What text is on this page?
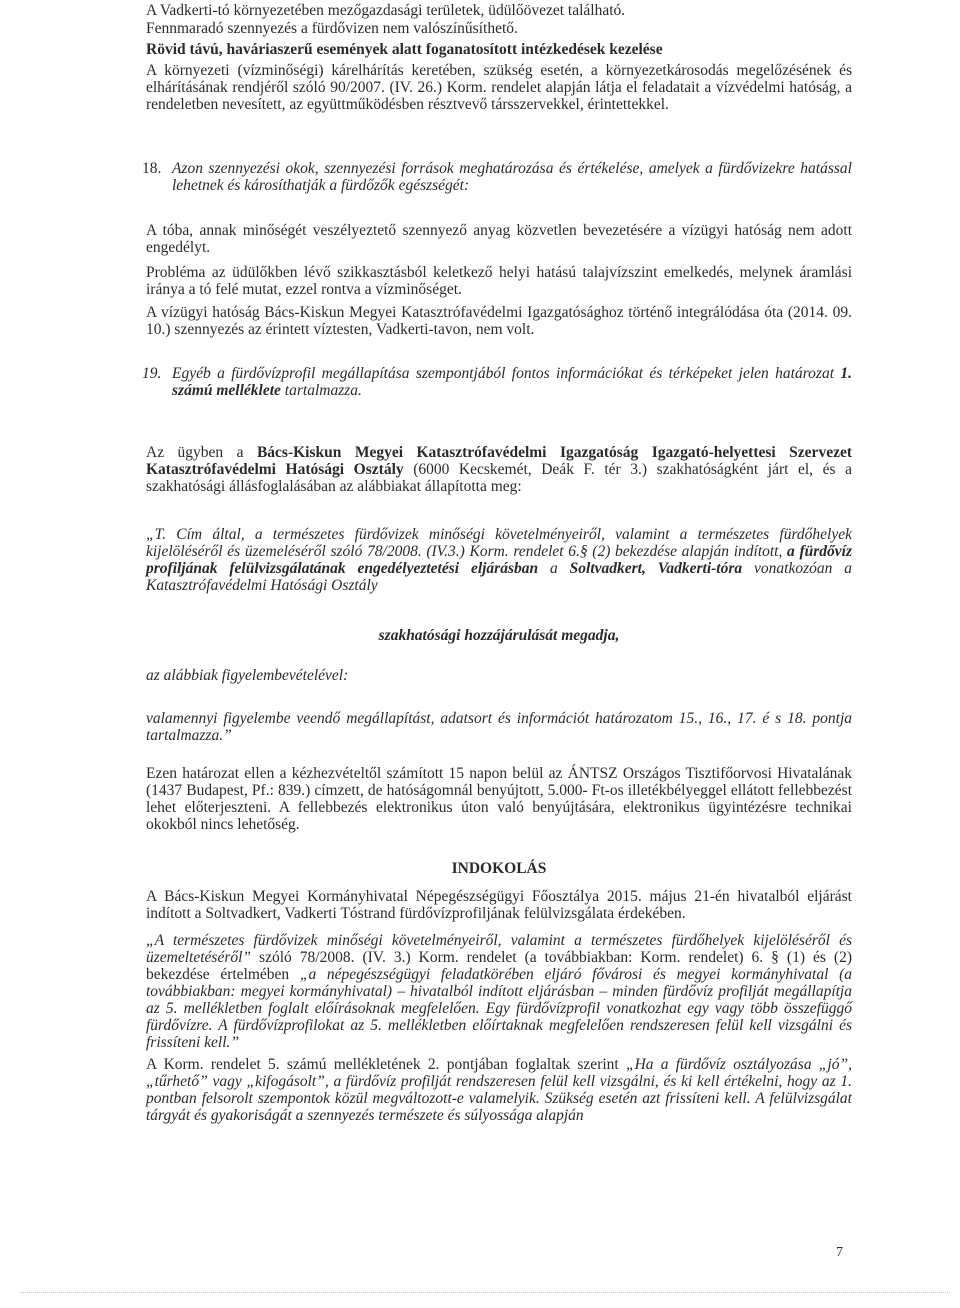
A Vadkerti-tó környezetében mezőgazdasági területek, üdülőövezet található.

Fennmaradó szennyezés a fürdővizen nem valószínűsíthető.

Rövid távú, haváriaszerű események alatt foganatosított intézkedések kezelése

A környezeti (vízminőségi) kárelhárítás keretében, szükség esetén, a környezetkárosodás megelőzésének és elhárításának rendjéről szóló 90/2007. (IV. 26.) Korm. rendelet alapján látja el feladatait a vízvédelmi hatóság, a rendeletben nevesített, az együttműködésben résztvevő társszervekkel, érintettekkel.

18. Azon szennyezési okok, szennyezési források meghatározása és értékelése, amelyek a fürdővizekre hatással lehetnek és károsíthatják a fürdőzők egészségét:

A tóba, annak minőségét veszélyeztető szennyező anyag közvetlen bevezetésére a vízügyi hatóság nem adott engedélyt.

Probléma az üdülőkben lévő szikkasztásból keletkező helyi hatású talajvízszint emelkedés, melynek áramlási iránya a tó felé mutat, ezzel rontva a vízminőséget.

A vízügyi hatóság Bács-Kiskun Megyei Katasztrófavédelmi Igazgatósághoz történő integrálódása óta (2014. 09. 10.) szennyezés az érintett víztesten, Vadkerti-tavon, nem volt.

19. Egyéb a fürdővízprofil megállapítása szempontjából fontos információkat és térképeket jelen határozat 1. számú melléklete tartalmazza.

Az ügyben a Bács-Kiskun Megyei Katasztrófavédelmi Igazgatóság Igazgató-helyettesi Szervezet Katasztrófavédelmi Hatósági Osztály (6000 Kecskemét, Deák F. tér 3.) szakhatóságként járt el, és a szakhatósági állásfoglalásában az alábbiakat állapította meg:

„T. Cím által, a természetes fürdővizek minőségi követelményeiről, valamint a természetes fürdőhelyek kijelöléséről és üzemeléséről szóló 78/2008. (IV.3.) Korm. rendelet 6.§ (2) bekezdése alapján indított, a fürdővíz profiljának felülvizsgálatának engedélyeztetési eljárásban a Soltvadkert, Vadkerti-tóra vonatkozóan a Katasztrófavédelmi Hatósági Osztály

szakhatósági hozzájárulását megadja,

az alábbiak figyelembevételével:

valamennyi figyelembe veendő megállapítást, adatsort és információt határozatom 15., 16., 17. é s 18. pontja tartalmazza.”

Ezen határozat ellen a kézhezvételtől számított 15 napon belül az ÁNTSZ Országos Tisztifőorvosi Hivatalának (1437 Budapest, Pf.: 839.) címzett, de hatóságomnál benyújtott, 5.000- Ft-os illetékbélyeggel ellátott fellebbezést lehet előterjeszteni. A fellebbezés elektronikus úton való benyújtására, elektronikus ügyintézésre technikai okokból nincs lehetőség.

INDOKOLÁS

A Bács-Kiskun Megyei Kormányhivatal Népegészségügyi Főosztálya 2015. május 21-én hivatalból eljárást indított a Soltvadkert, Vadkerti Tóstrand fürdővízprofiljának felülvizsgálata érdekében.

„A természetes fürdővizek minőségi követelményeiről, valamint a természetes fürdőhelyek kijelöléséről és üzemeltetéséről” szóló 78/2008. (IV. 3.) Korm. rendelet (a továbbiakban: Korm. rendelet) 6. § (1) és (2) bekezdése értelmében „a népegészségügyi feladatkörében eljáró fővárosi és megyei kormányhivatal (a továbbiakban: megyei kormányhivatal) – hivatalból indított eljárásban – minden fürdővíz profilját megállapítja az 5. mellékletben foglalt előírásoknak megfelelően. Egy fürdővízprofil vonatkozhat egy vagy több összefüggő fürdővízre. A fürdővízprofilokat az 5. mellékletben előírtaknak megfelelően rendszeresen felül kell vizsgálni és frissíteni kell.”

A Korm. rendelet 5. számú mellékletének 2. pontjában foglaltak szerint „Ha a fürdővíz osztályozása „jó”, „tűrhető” vagy „kifogásolt”, a fürdővíz profilját rendszeresen felül kell vizsgálni, és ki kell értékelni, hogy az 1. pontban felsorolt szempontok közül megváltozott-e valamelyik. Szükség esetén azt frissíteni kell. A felülvizsgálat tárgyát és gyakoriságát a szennyezés természete és súlyossága alapján

7
